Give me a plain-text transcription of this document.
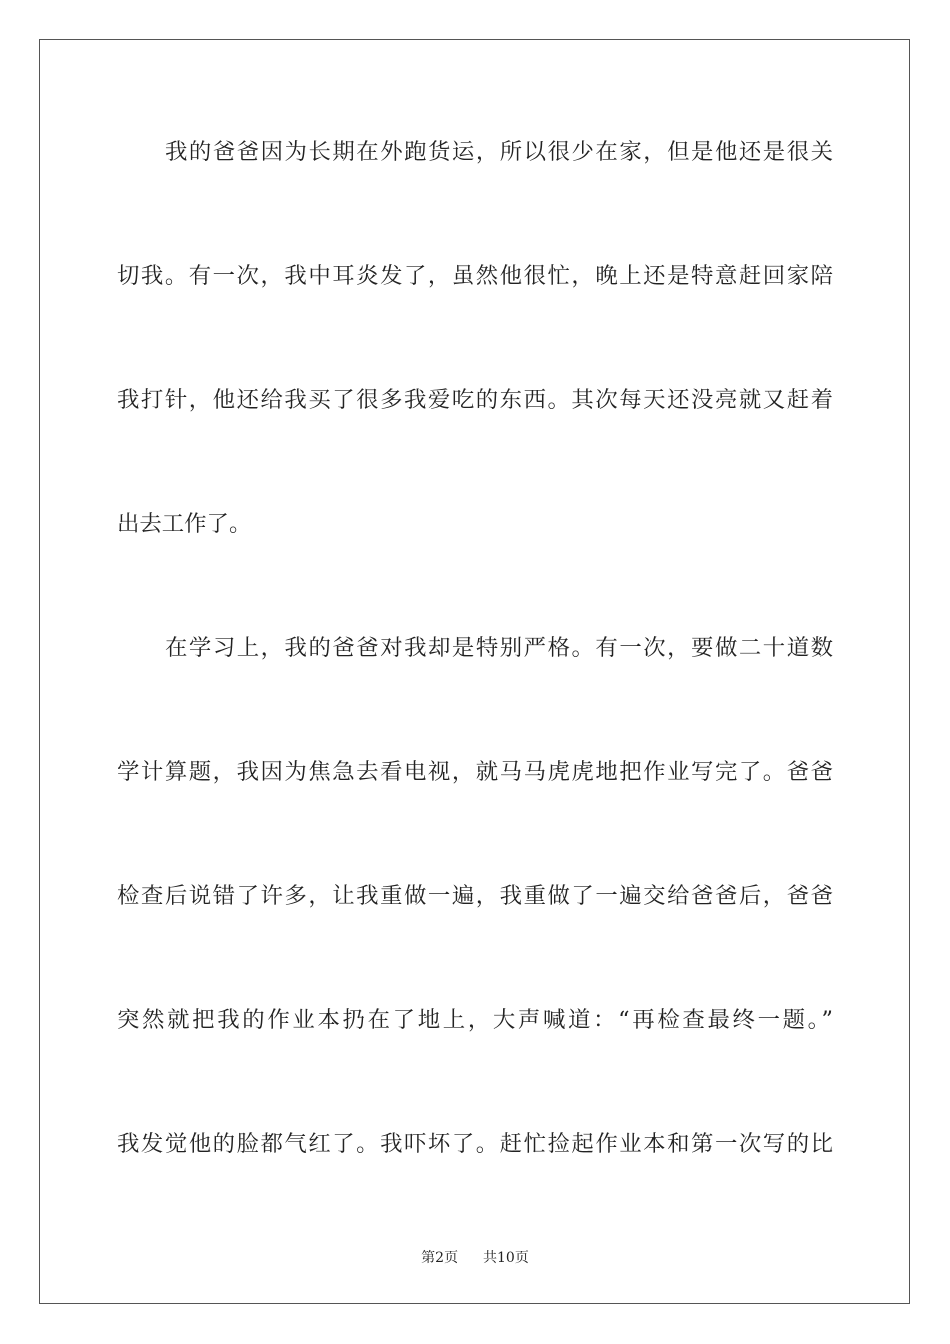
我的爸爸因为长期在外跑货运，所以很少在家，但是他还是很关
切我。有一次，我中耳炎发了，虽然他很忙，晚上还是特意赶回家陪
我打针，他还给我买了很多我爱吃的东西。其次每天还没亮就又赶着
出去工作了。
在学习上，我的爸爸对我却是特别严格。有一次，要做二十道数
学计算题，我因为焦急去看电视，就马马虎虎地把作业写完了。爸爸
检查后说错了许多，让我重做一遍，我重做了一遍交给爸爸后，爸爸
突然就把我的作业本扔在了地上，大声喊道：“再检查最终一题。”
我发觉他的脸都气红了。我吓坏了。赶忙捡起作业本和第一次写的比
第2页 共10页
